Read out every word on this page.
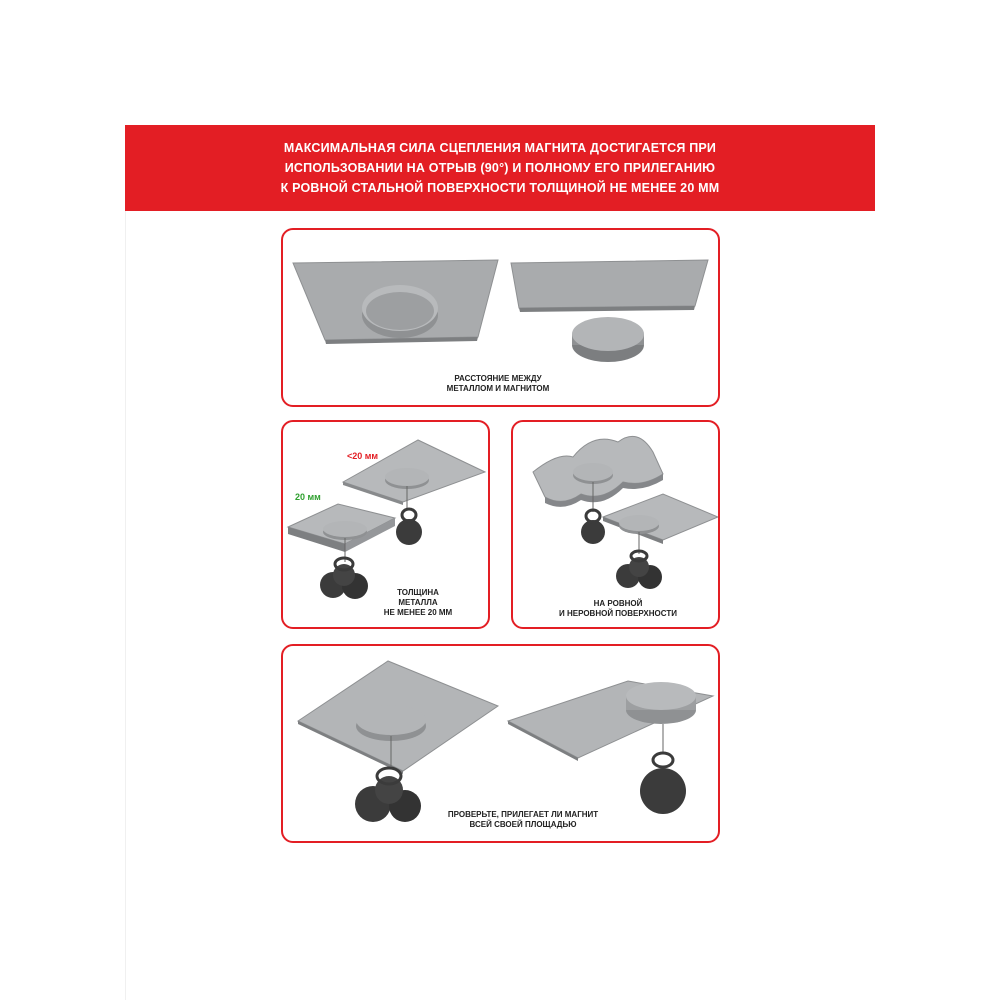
МАКСИМАЛЬНАЯ СИЛА СЦЕПЛЕНИЯ МАГНИТА ДОСТИГАЕТСЯ ПРИ
ИСПОЛЬЗОВАНИИ НА ОТРЫВ (90°) И ПОЛНОМУ ЕГО ПРИЛЕГАНИЮ
К РОВНОЙ СТАЛЬНОЙ ПОВЕРХНОСТИ ТОЛЩИНОЙ НЕ МЕНЕЕ 20 ММ
РАССТОЯНИЕ МЕЖДУ
МЕТАЛЛОМ И МАГНИТОМ
<20 мм
20 мм
ТОЛЩИНА
МЕТАЛЛА
НЕ МЕНЕЕ 20 ММ
НА РОВНОЙ
И НЕРОВНОЙ ПОВЕРХНОСТИ
ПРОВЕРЬТЕ, ПРИЛЕГАЕТ ЛИ МАГНИТ
ВСЕЙ СВОЕЙ ПЛОЩАДЬЮ
